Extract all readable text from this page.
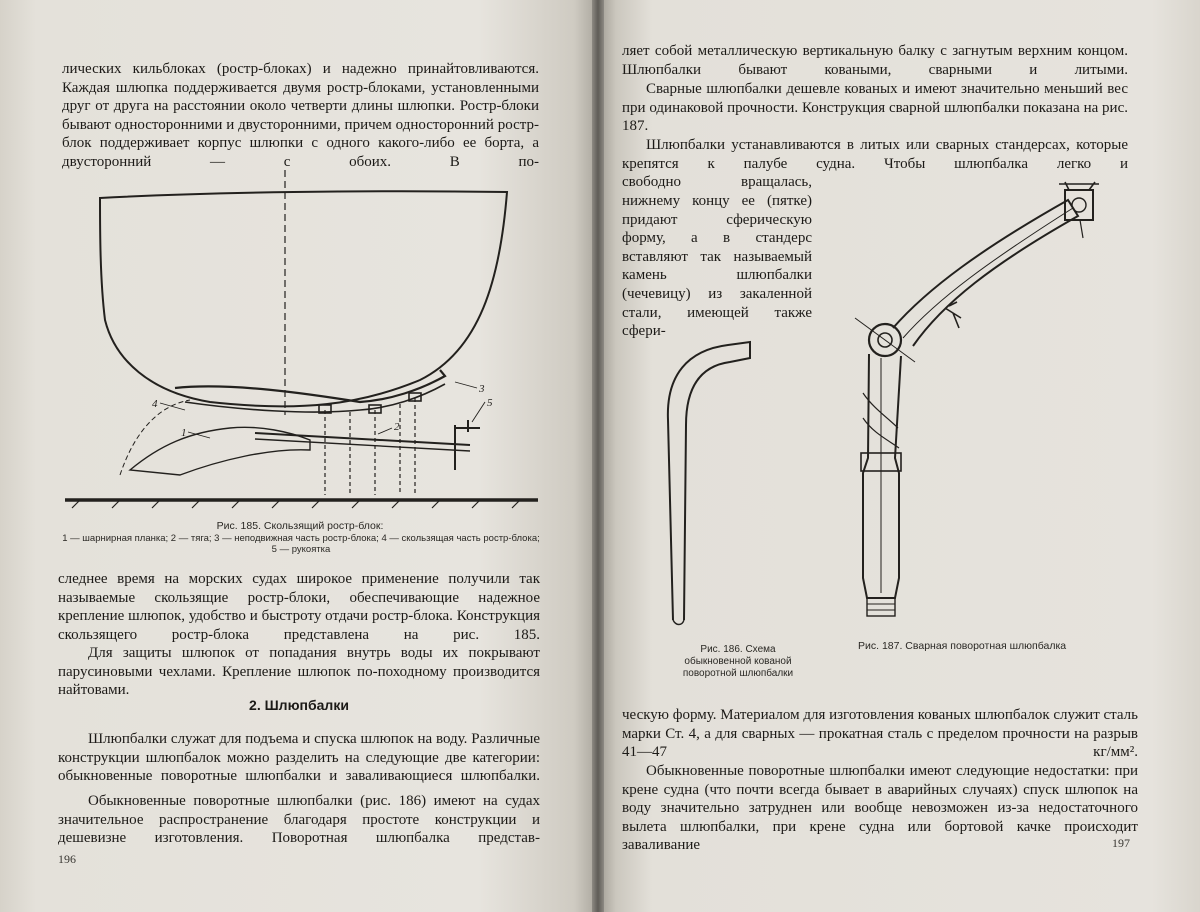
лических кильблоках (ростр-блоках) и надежно принайтовливаются. Каждая шлюпка поддерживается двумя ростр-блоками, установленными друг от друга на расстоянии около четверти длины шлюпки. Ростр-блоки бывают односторонними и двусторонними, причем односторонний ростр-блок поддерживает корпус шлюпки с одного какого-либо ее борта, а двусторонний — с обоих. В по-

4
1	2
3
5

Рис. 185. Скользящий ростр-блок:

1 — шарнирная планка; 2 — тяга; 3 — неподвижная часть ростр-блока; 4 — скользящая часть ростр-блока; 5 — рукоятка

следнее время на морских судах широкое применение получили так называемые скользящие ростр-блоки, обеспечивающие надежное крепление шлюпок, удобство и быстроту отдачи ростр-блока. Конструкция скользящего ростр-блока представлена на рис. 185.

Для защиты шлюпок от попадания внутрь воды их покрывают парусиновыми чехлами. Крепление шлюпок по-походному производится найтовами.

2. Шлюпбалки

Шлюпбалки служат для подъема и спуска шлюпок на воду. Различные конструкции шлюпбалок можно разделить на следующие две категории: обыкновенные поворотные шлюпбалки и заваливающиеся шлюпбалки.

Обыкновенные поворотные шлюпбалки (рис. 186) имеют на судах значительное распространение благодаря простоте конструкции и дешевизне изготовления. Поворотная шлюпбалка представ-

196

ляет собой металлическую вертикальную балку с загнутым верхним концом. Шлюпбалки бывают коваными, сварными и литыми.

Сварные шлюпбалки дешевле кованых и имеют значительно меньший вес при одинаковой прочности. Конструкция сварной шлюпбалки показана на рис. 187.

Шлюпбалки устанавливаются в литых или сварных стандерсах, которые крепятся к палубе судна. Чтобы шлюпбалка легко и

свободно вращалась,

нижнему концу ее (пятке) придают сферическую форму, а в стандерс вставляют так называемый камень шлюпбалки (чечевицу) из закаленной стали, имеющей также сфери-

Рис. 186. Схема обыкновенной кованой поворотной шлюпбалки

Рис. 187. Сварная поворотная шлюпбалка

ческую форму. Материалом для изготовления кованых шлюпбалок служит сталь марки Ст. 4, а для сварных — прокатная сталь с пределом прочности на разрыв 41—47 кг/мм².

Обыкновенные поворотные шлюпбалки имеют следующие недостатки: при крене судна (что почти всегда бывает в аварийных случаях) спуск шлюпок на воду значительно затруднен или вообще невозможен из-за недостаточного вылета шлюпбалки, при крене судна или бортовой качке происходит заваливание	197
